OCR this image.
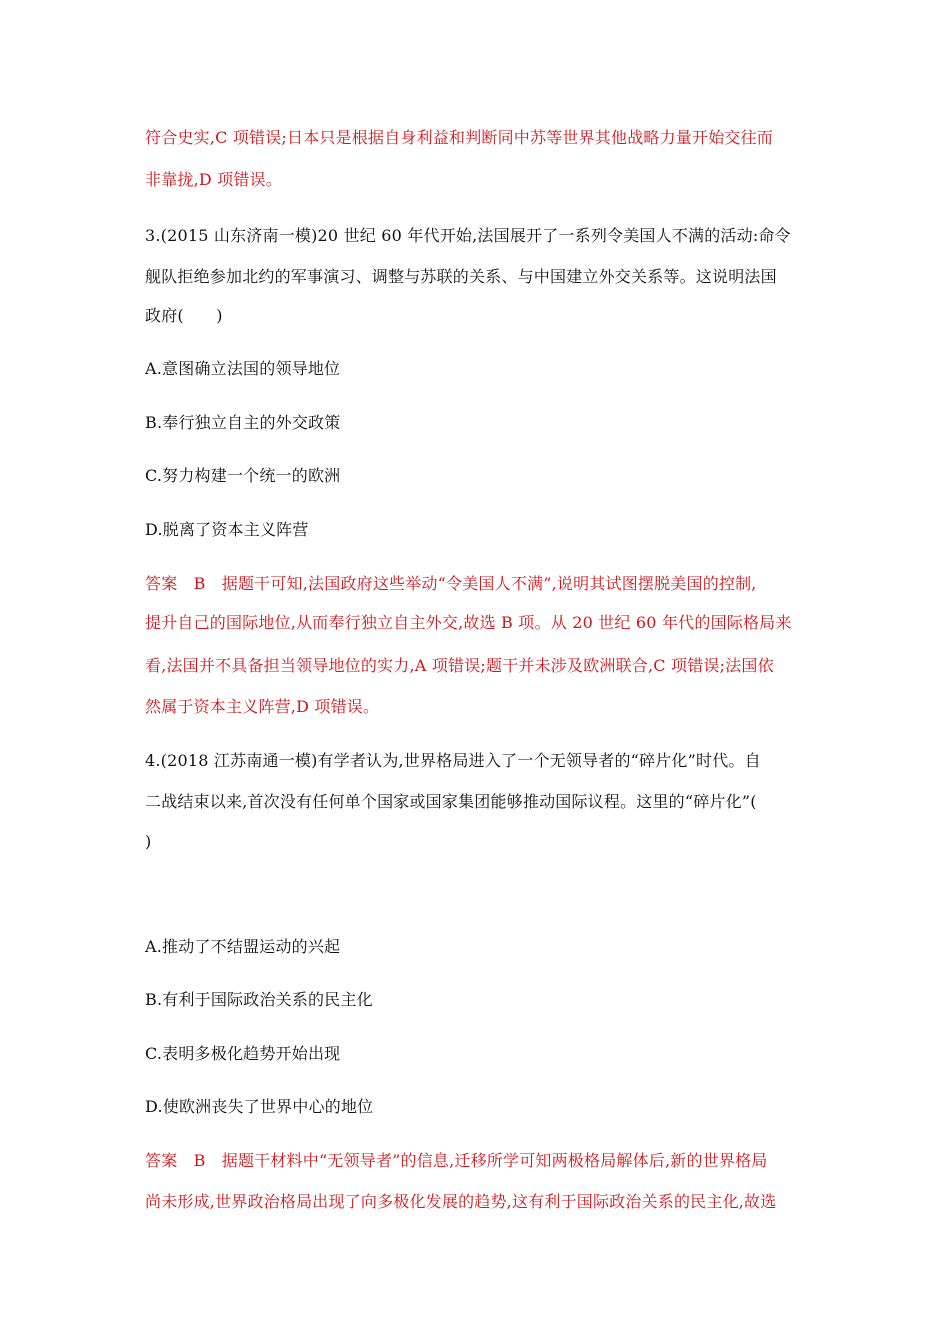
符合史实,C 项错误;日本只是根据自身利益和判断同中苏等世界其他战略力量开始交往而
非靠拢,D 项错误。
3.(2015 山东济南一模)20 世纪 60 年代开始,法国展开了一系列令美国人不满的活动:命令
舰队拒绝参加北约的军事演习、调整与苏联的关系、与中国建立外交关系等。这说明法国
政府(　　)
A.意图确立法国的领导地位
B.奉行独立自主的外交政策
C.努力构建一个统一的欧洲
D.脱离了资本主义阵营
答案　B　据题干可知,法国政府这些举动“令美国人不满”,说明其试图摆脱美国的控制,
提升自己的国际地位,从而奉行独立自主外交,故选 B 项。从 20 世纪 60 年代的国际格局来
看,法国并不具备担当领导地位的实力,A 项错误;题干并未涉及欧洲联合,C 项错误;法国依
然属于资本主义阵营,D 项错误。
4.(2018 江苏南通一模)有学者认为,世界格局进入了一个无领导者的“碎片化”时代。自
二战结束以来,首次没有任何单个国家或国家集团能够推动国际议程。这里的“碎片化”(
)
A.推动了不结盟运动的兴起
B.有利于国际政治关系的民主化
C.表明多极化趋势开始出现
D.使欧洲丧失了世界中心的地位
答案　B　据题干材料中“无领导者”的信息,迁移所学可知两极格局解体后,新的世界格局
尚未形成,世界政治格局出现了向多极化发展的趋势,这有利于国际政治关系的民主化,故选
